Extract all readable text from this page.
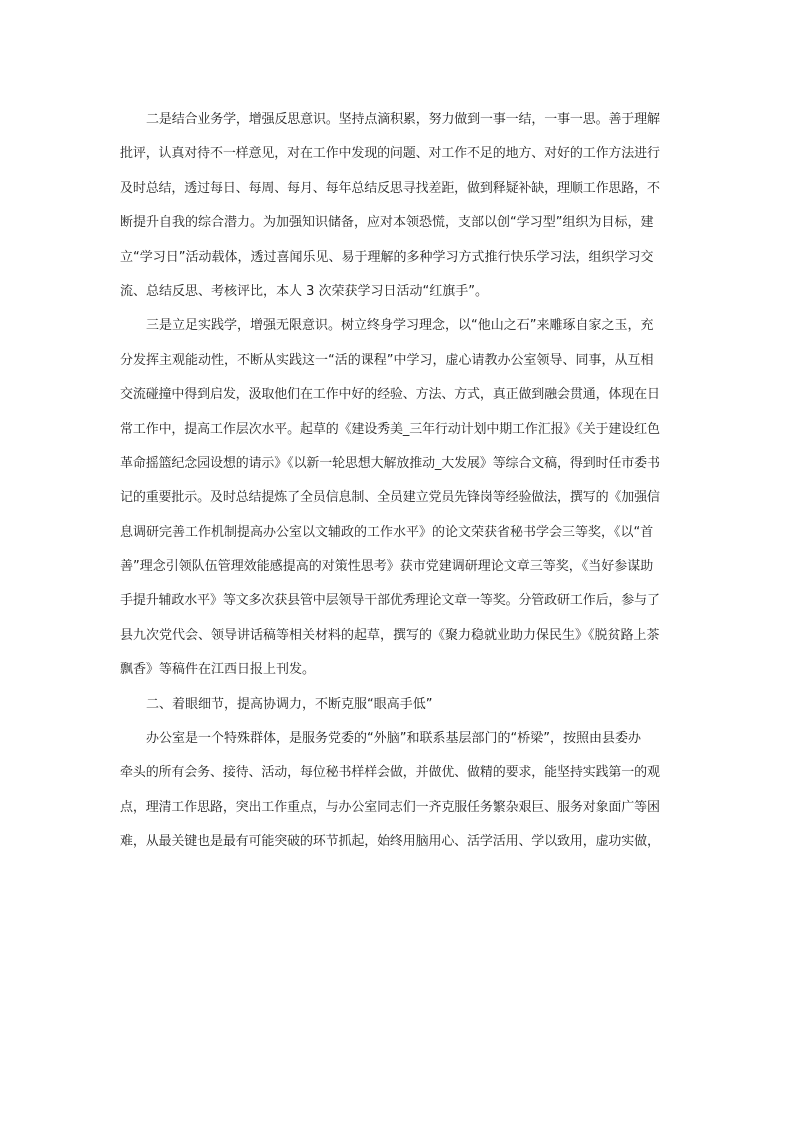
二是结合业务学，增强反思意识。坚持点滴积累，努力做到一事一结，一事一思。善于理解
批评，认真对待不一样意见，对在工作中发现的问题、对工作不足的地方、对好的工作方法进行
及时总结，透过每日、每周、每月、每年总结反思寻找差距，做到释疑补缺，理顺工作思路，不
断提升自我的综合潜力。为加强知识储备，应对本领恐慌，支部以创“学习型”组织为目标，建
立“学习日”活动载体，透过喜闻乐见、易于理解的多种学习方式推行快乐学习法，组织学习交
流、总结反思、考核评比，本人 3 次荣获学习日活动“红旗手”。
三是立足实践学，增强无限意识。树立终身学习理念，以“他山之石”来雕琢自家之玉，充
分发挥主观能动性，不断从实践这一“活的课程”中学习，虚心请教办公室领导、同事，从互相
交流碰撞中得到启发，汲取他们在工作中好的经验、方法、方式，真正做到融会贯通，体现在日
常工作中，提高工作层次水平。起草的《建设秀美_三年行动计划中期工作汇报》《关于建设红色
革命摇篮纪念园设想的请示》《以新一轮思想大解放推动_大发展》等综合文稿，得到时任市委书
记的重要批示。及时总结提炼了全员信息制、全员建立党员先锋岗等经验做法，撰写的《加强信
息调研完善工作机制提高办公室以文辅政的工作水平》的论文荣获省秘书学会三等奖，《以“首
善”理念引领队伍管理效能感提高的对策性思考》获市党建调研理论文章三等奖，《当好参谋助
手提升辅政水平》等文多次获县管中层领导干部优秀理论文章一等奖。分管政研工作后，参与了
县九次党代会、领导讲话稿等相关材料的起草，撰写的《聚力稳就业助力保民生》《脱贫路上茶
飘香》等稿件在江西日报上刊发。
二、着眼细节，提高协调力，不断克服“眼高手低”
办公室是一个特殊群体，是服务党委的“外脑”和联系基层部门的“桥梁”，按照由县委办
牵头的所有会务、接待、活动，每位秘书样样会做，并做优、做精的要求，能坚持实践第一的观
点，理清工作思路，突出工作重点，与办公室同志们一齐克服任务繁杂艰巨、服务对象面广等困
难，从最关键也是最有可能突破的环节抓起，始终用脑用心、活学活用、学以致用，虚功实做，
